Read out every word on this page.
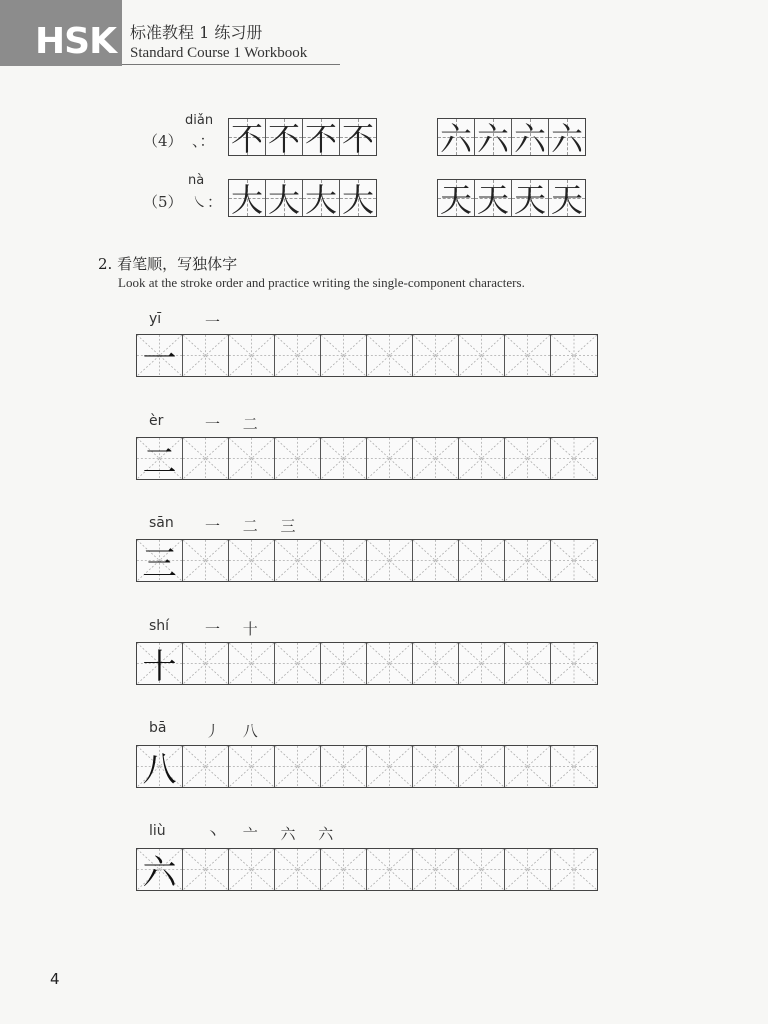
HSK 标准教程 1 练习册
Standard Course 1 Workbook
diǎn
（4） 、： 不 不 不 不 六 六 六 六
nà
（5） ㇏： 大 大 大 大 天 天 天 天
2. 看笔顺，写独体字
Look at the stroke order and practice writing the single-component characters.
yī	一
一
èr	一 二
二
sān 一 二 三
三
shí 一 十
十
bā	丿 八
八
liù	丶 亠 六 六
六
4
